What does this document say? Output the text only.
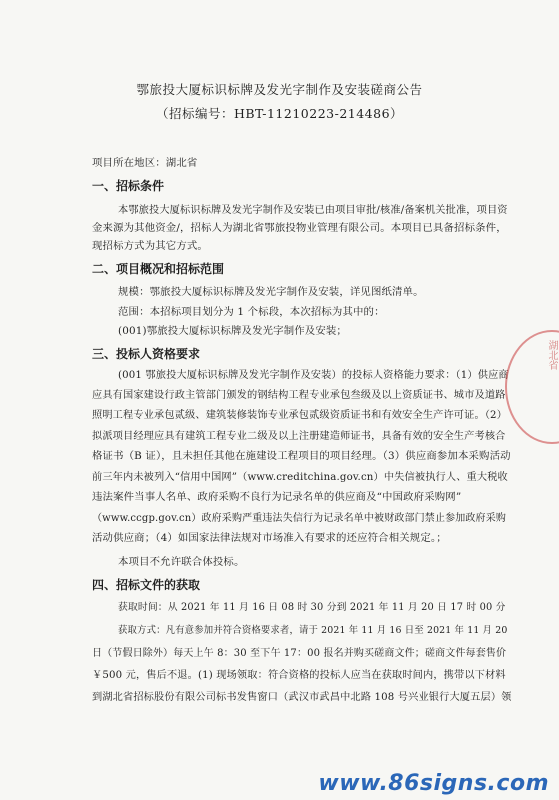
鄂旅投大厦标识标牌及发光字制作及安装磋商公告
（招标编号：HBT-11210223-214486）
项目所在地区：湖北省
一、招标条件
本鄂旅投大厦标识标牌及发光字制作及安装已由项目审批/核准/备案机关批准，项目资
金来源为其他资金/，招标人为湖北省鄂旅投物业管理有限公司。本项目已具备招标条件，
现招标方式为其它方式。
二、项目概况和招标范围
规模：鄂旅投大厦标识标牌及发光字制作及安装，详见图纸清单。
范围：本招标项目划分为 1 个标段，本次招标为其中的：
(001)鄂旅投大厦标识标牌及发光字制作及安装；
三、投标人资格要求
(001 鄂旅投大厦标识标牌及发光字制作及安装）的投标人资格能力要求：（1）供应商
应具有国家建设行政主管部门颁发的钢结构工程专业承包叁级及以上资质证书、城市及道路
照明工程专业承包贰级、建筑装修装饰专业承包贰级资质证书和有效安全生产许可证。（2）
拟派项目经理应具有建筑工程专业二级及以上注册建造师证书，具备有效的安全生产考核合
格证书（B 证），且未担任其他在施建设工程项目的项目经理。（3）供应商参加本采购活动
前三年内未被列入“信用中国网”（www.creditchina.gov.cn）中失信被执行人、重大税收
违法案件当事人名单、政府采购不良行为记录名单的供应商及“中国政府采购网”
（www.ccgp.gov.cn）政府采购严重违法失信行为记录名单中被财政部门禁止参加政府采购
活动供应商；（4）如国家法律法规对市场准入有要求的还应符合相关规定。；
本项目不允许联合体投标。
四、招标文件的获取
获取时间：从 2021 年 11 月 16 日 08 时 30 分到 2021 年 11 月 20 日 17 时 00 分
获取方式：凡有意参加并符合资格要求者，请于 2021 年 11 月 16 日至 2021 年 11 月 20
日（节假日除外）每天上午 8：30 至下午 17：00 报名并购买磋商文件；磋商文件每套售价
￥500 元，售后不退。(1) 现场领取：符合资格的投标人应当在获取时间内，携带以下材料
到湖北省招标股份有限公司标书发售窗口（武汉市武昌中北路 108 号兴业银行大厦五层）领
湖北省
www.86signs.com
